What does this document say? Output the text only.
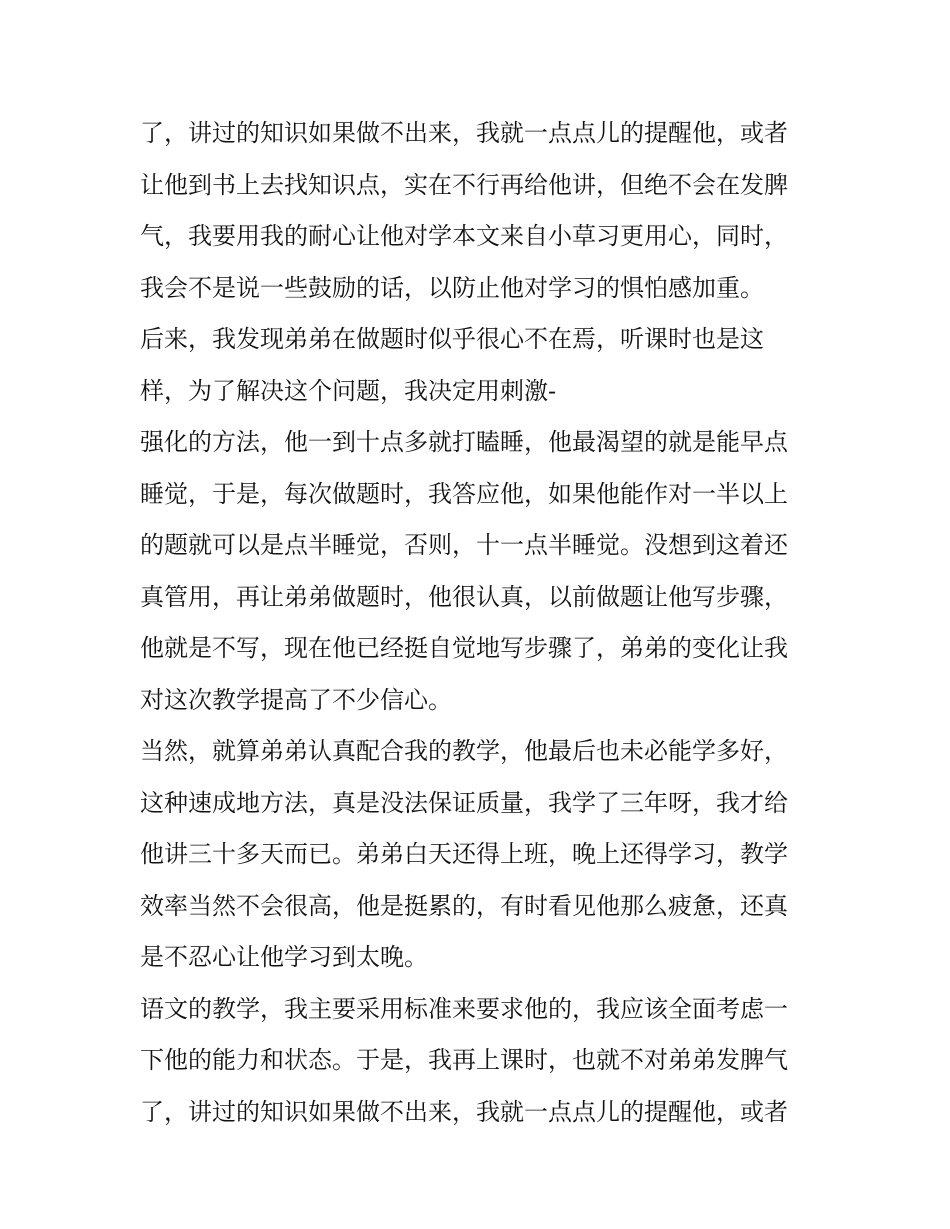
了，讲过的知识如果做不出来，我就一点点儿的提醒他，或者
让他到书上去找知识点，实在不行再给他讲，但绝不会在发脾
气，我要用我的耐心让他对学本文来自小草习更用心，同时，
我会不是说一些鼓励的话，以防止他对学习的惧怕感加重。
后来，我发现弟弟在做题时似乎很心不在焉，听课时也是这
样，为了解决这个问题，我决定用刺激-
强化的方法，他一到十点多就打瞌睡，他最渴望的就是能早点
睡觉，于是，每次做题时，我答应他，如果他能作对一半以上
的题就可以是点半睡觉，否则，十一点半睡觉。没想到这着还
真管用，再让弟弟做题时，他很认真，以前做题让他写步骤，
他就是不写，现在他已经挺自觉地写步骤了，弟弟的变化让我
对这次教学提高了不少信心。
当然，就算弟弟认真配合我的教学，他最后也未必能学多好，
这种速成地方法，真是没法保证质量，我学了三年呀，我才给
他讲三十多天而已。弟弟白天还得上班，晚上还得学习，教学
效率当然不会很高，他是挺累的，有时看见他那么疲惫，还真
是不忍心让他学习到太晚。
语文的教学，我主要采用标准来要求他的，我应该全面考虑一
下他的能力和状态。于是，我再上课时，也就不对弟弟发脾气
了，讲过的知识如果做不出来，我就一点点儿的提醒他，或者
